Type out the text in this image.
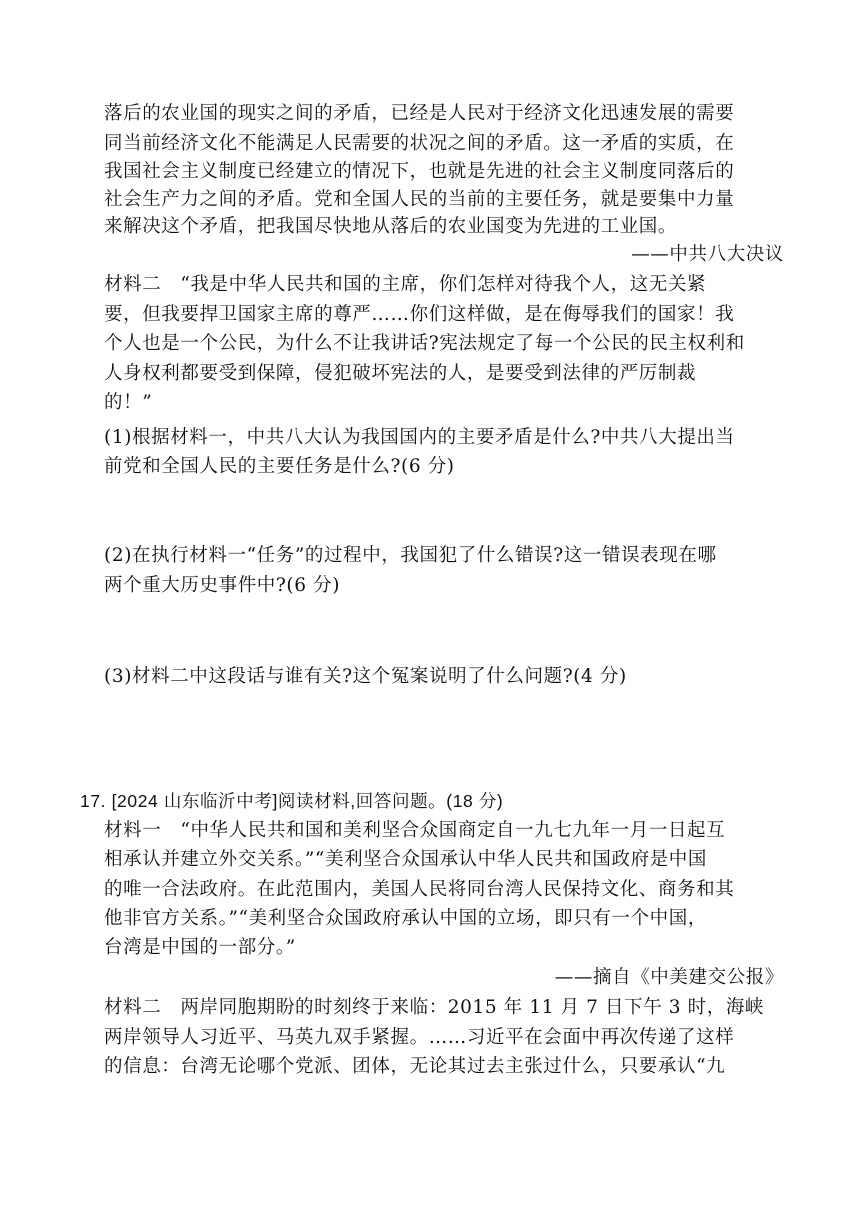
落后的农业国的现实之间的矛盾，已经是人民对于经济文化迅速发展的需要
同当前经济文化不能满足人民需要的状况之间的矛盾。这一矛盾的实质，在
我国社会主义制度已经建立的情况下，也就是先进的社会主义制度同落后的
社会生产力之间的矛盾。党和全国人民的当前的主要任务，就是要集中力量
来解决这个矛盾，把我国尽快地从落后的农业国变为先进的工业国。
——中共八大决议
材料二　“我是中华人民共和国的主席，你们怎样对待我个人，这无关紧
要，但我要捍卫国家主席的尊严……你们这样做，是在侮辱我们的国家！我
个人也是一个公民，为什么不让我讲话?宪法规定了每一个公民的民主权利和
人身权利都要受到保障，侵犯破坏宪法的人，是要受到法律的严厉制裁
的！”
(1)根据材料一，中共八大认为我国国内的主要矛盾是什么?中共八大提出当
前党和全国人民的主要任务是什么?(6 分)
(2)在执行材料一“任务”的过程中，我国犯了什么错误?这一错误表现在哪
两个重大历史事件中?(6 分)
(3)材料二中这段话与谁有关?这个冤案说明了什么问题?(4 分)
17. [2024 山东临沂中考]阅读材料,回答问题。(18 分)
材料一　“中华人民共和国和美利坚合众国商定自一九七九年一月一日起互
相承认并建立外交关系。”“美利坚合众国承认中华人民共和国政府是中国
的唯一合法政府。在此范围内，美国人民将同台湾人民保持文化、商务和其
他非官方关系。”“美利坚合众国政府承认中国的立场，即只有一个中国，
台湾是中国的一部分。”
——摘自《中美建交公报》
材料二　两岸同胞期盼的时刻终于来临：2015 年 11 月 7 日下午 3 时，海峡
两岸领导人习近平、马英九双手紧握。……习近平在会面中再次传递了这样
的信息：台湾无论哪个党派、团体，无论其过去主张过什么，只要承认“九
